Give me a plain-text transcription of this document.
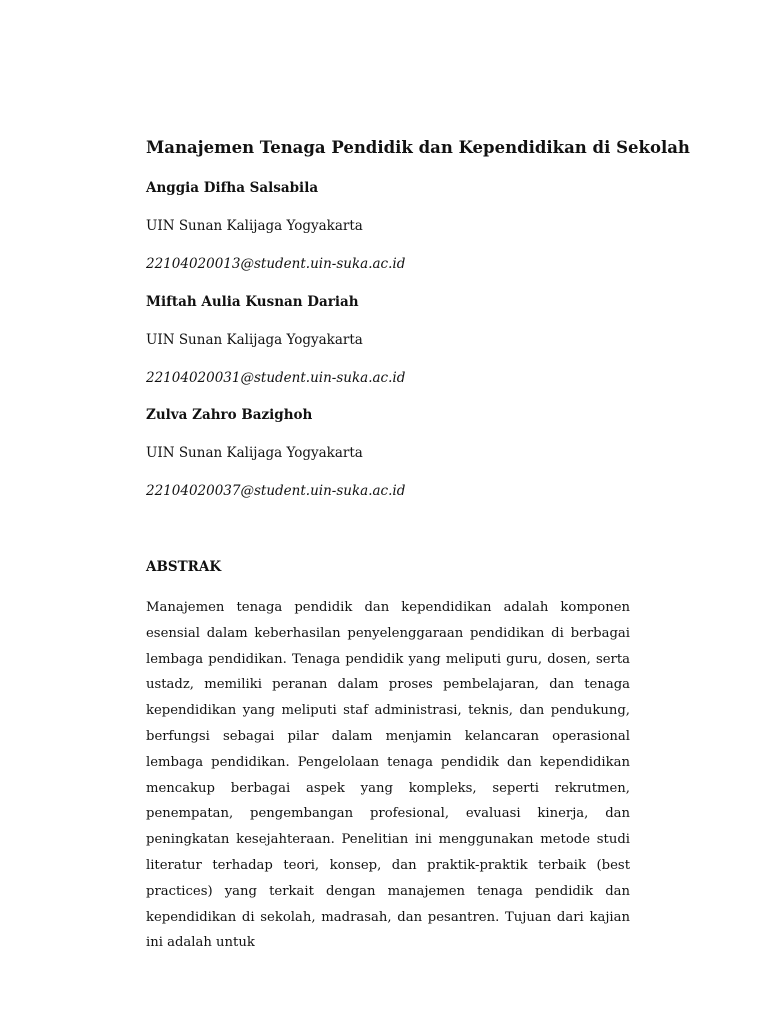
Manajemen Tenaga Pendidik dan Kependidikan di Sekolah

Anggia Difha Salsabila

UIN Sunan Kalijaga Yogyakarta

22104020013@student.uin-suka.ac.id

Miftah Aulia Kusnan Dariah

UIN Sunan Kalijaga Yogyakarta

22104020031@student.uin-suka.ac.id

Zulva Zahro Bazighoh

UIN Sunan Kalijaga Yogyakarta

22104020037@student.uin-suka.ac.id

ABSTRAK

Manajemen tenaga pendidik dan kependidikan adalah komponen esensial dalam keberhasilan penyelenggaraan pendidikan di berbagai lembaga pendidikan. Tenaga pendidik yang meliputi guru, dosen, serta ustadz, memiliki peranan dalam proses pembelajaran, dan tenaga kependidikan yang meliputi staf administrasi, teknis, dan pendukung, berfungsi sebagai pilar dalam menjamin kelancaran operasional lembaga pendidikan. Pengelolaan tenaga pendidik dan kependidikan mencakup berbagai aspek yang kompleks, seperti rekrutmen, penempatan, pengembangan profesional, evaluasi kinerja, dan peningkatan kesejahteraan. Penelitian ini menggunakan metode studi literatur terhadap teori, konsep, dan praktik-praktik terbaik (best practices) yang terkait dengan manajemen tenaga pendidik dan kependidikan di sekolah, madrasah, dan pesantren. Tujuan dari kajian ini adalah untuk
